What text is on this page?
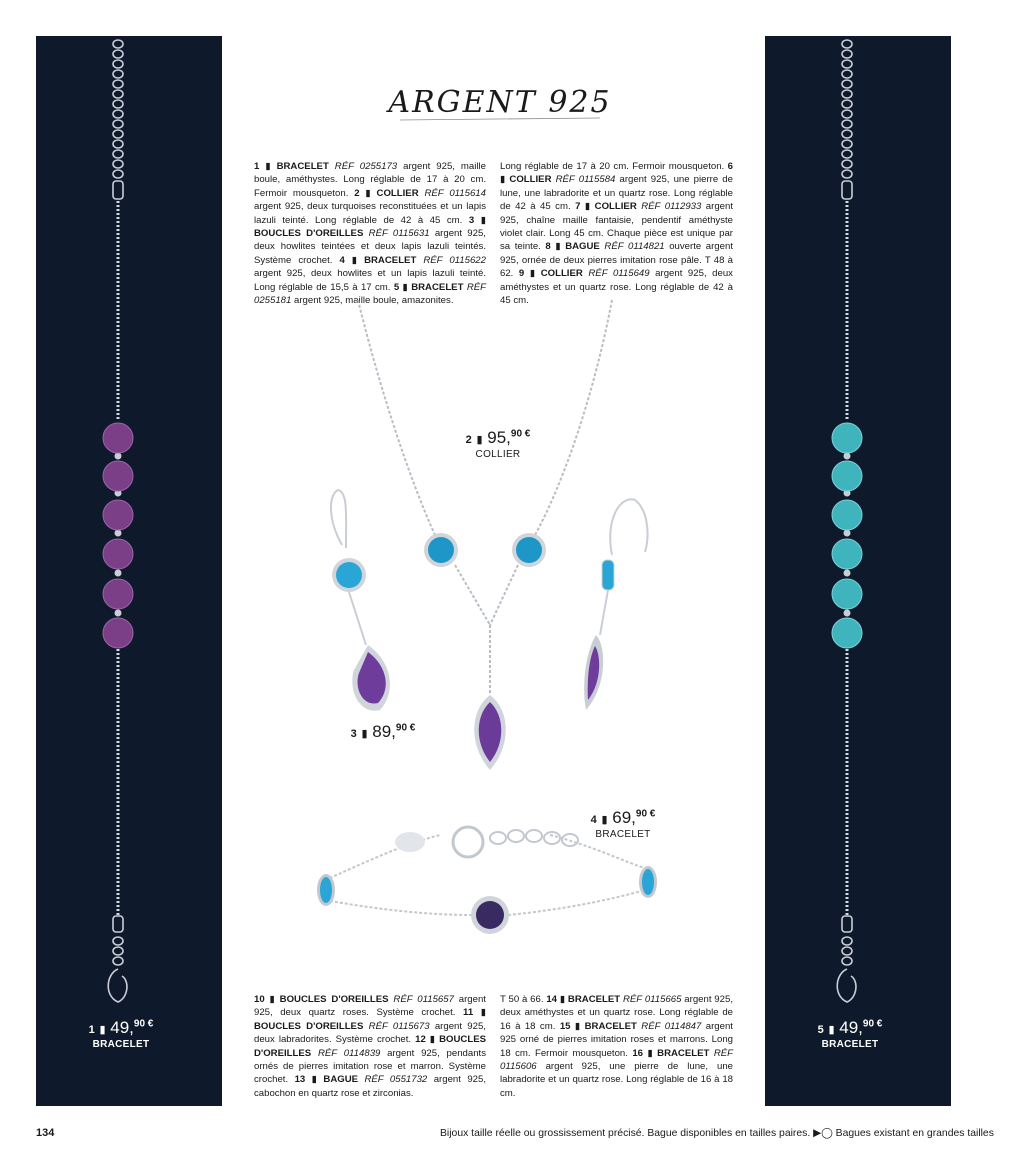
1 ▮ 49,$^{90 €}$
BRACELET
5 ▮ 49,$^{90 €}$
BRACELET
ARGENT 925
1 ▮ BRACELET RÉF 0255173 argent 925, maille boule, améthystes. Long réglable de 17 à 20 cm. Fermoir mousqueton. 2 ▮ COLLIER RÉF 0115614 argent 925, deux turquoises reconstituées et un lapis lazuli teinté. Long réglable de 42 à 45 cm. 3 ▮ BOUCLES D'OREILLES RÉF 0115631 argent 925, deux howlites teintées et deux lapis lazuli teintés. Système crochet. 4 ▮ BRACELET RÉF 0115622 argent 925, deux howlites et un lapis lazuli teinté. Long réglable de 15,5 à 17 cm. 5 ▮ BRACELET RÉF 0255181 argent 925, maille boule, amazonites.
Long réglable de 17 à 20 cm. Fermoir mousqueton. 6 ▮ COLLIER RÉF 0115584 argent 925, une pierre de lune, une labradorite et un quartz rose. Long réglable de 42 à 45 cm. 7 ▮ COLLIER RÉF 0112933 argent 925, chaîne maille fantaisie, pendentif améthyste violet clair. Long 45 cm. Chaque pièce est unique par sa teinte. 8 ▮ BAGUE RÉF 0114821 ouverte argent 925, ornée de deux pierres imitation rose pâle. T 48 à 62. 9 ▮ COLLIER RÉF 0115649 argent 925, deux améthystes et un quartz rose. Long réglable de 42 à 45 cm.
10 ▮ BOUCLES D'OREILLES RÉF 0115657 argent 925, deux quartz roses. Système crochet. 11 ▮ BOUCLES D'OREILLES RÉF 0115673 argent 925, deux labradorites. Système crochet. 12 ▮ BOUCLES D'OREILLES RÉF 0114839 argent 925, pendants ornés de pierres imitation rose et marron. Système crochet. 13 ▮ BAGUE RÉF 0551732 argent 925, cabochon en quartz rose et zirconias.
T 50 à 66. 14 ▮ BRACELET RÉF 0115665 argent 925, deux améthystes et un quartz rose. Long réglable de 16 à 18 cm. 15 ▮ BRACELET RÉF 0114847 argent 925 orné de pierres imitation roses et marrons. Long 18 cm. Fermoir mousqueton. 16 ▮ BRACELET RÉF 0115606 argent 925, une pierre de lune, une labradorite et un quartz rose. Long réglable de 16 à 18 cm.
2 ▮ 95,$^{90 €}$
COLLIER
3 ▮ 89,$^{90 €}$
4 ▮ 69,$^{90 €}$
BRACELET
134	Bijoux taille réelle ou grossissement précisé. Bague disponibles en tailles paires. ▶◯ Bagues existant en grandes tailles
